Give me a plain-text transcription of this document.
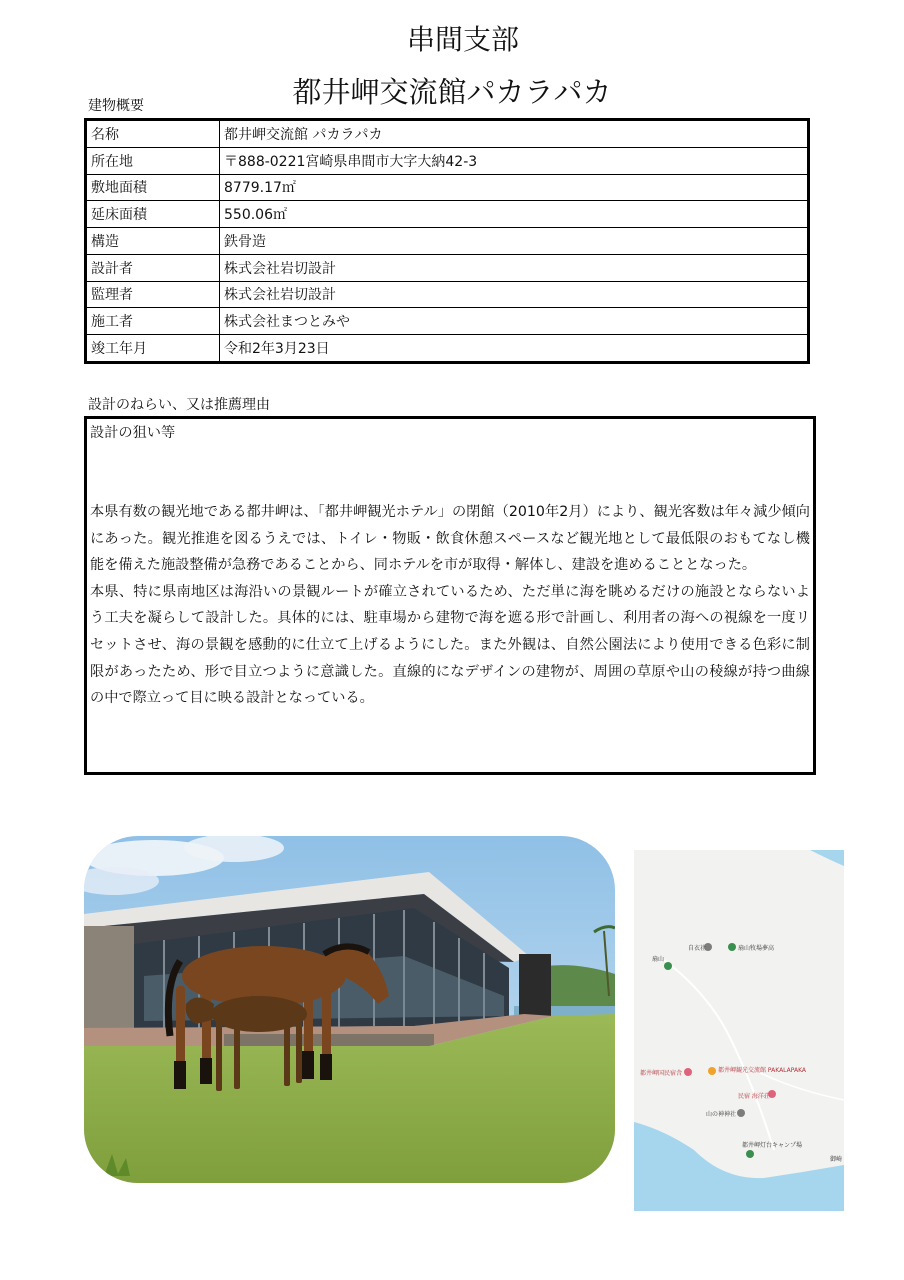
串間支部
都井岬交流館パカラパカ
建物概要
名称	都井岬交流館 パカラパカ
所在地	〒888-0221宮崎県串間市大字大納42-3
敷地面積	8779.17㎡
延床面積	550.06㎡
構造	鉄骨造
設計者	株式会社岩切設計
監理者	株式会社岩切設計
施工者	株式会社まつとみや
竣工年月	令和2年3月23日
設計のねらい、又は推薦理由
設計の狙い等

本県有数の観光地である都井岬は、「都井岬観光ホテル」の閉館（2010年2月）により、観光客数は年々減少傾向にあった。観光推進を図るうえでは、トイレ・物販・飲食休憩スペースなど観光地として最低限のおもてなし機能を備えた施設整備が急務であることから、同ホテルを市が取得・解体し、建設を進めることとなった。

本県、特に県南地区は海沿いの景観ルートが確立されているため、ただ単に海を眺めるだけの施設とならないよう工夫を凝らして設計した。具体的には、駐車場から建物で海を遮る形で計画し、利用者の海への視線を一度リセットさせ、海の景観を感動的に仕立て上げるようにした。また外観は、自然公園法により使用できる色彩に制限があったため、形で目立つように意識した。直線的になデザインの建物が、周囲の草原や山の稜線が持つ曲線の中で際立って目に映る設計となっている。

自衣社	扇山牧場夢高
扇山
都井岬観光交流館 PAKALAPAKA
都井岬国民宿舎
民宿 海洋荘
山の神神社
都井岬灯台キャンプ場
御崎
